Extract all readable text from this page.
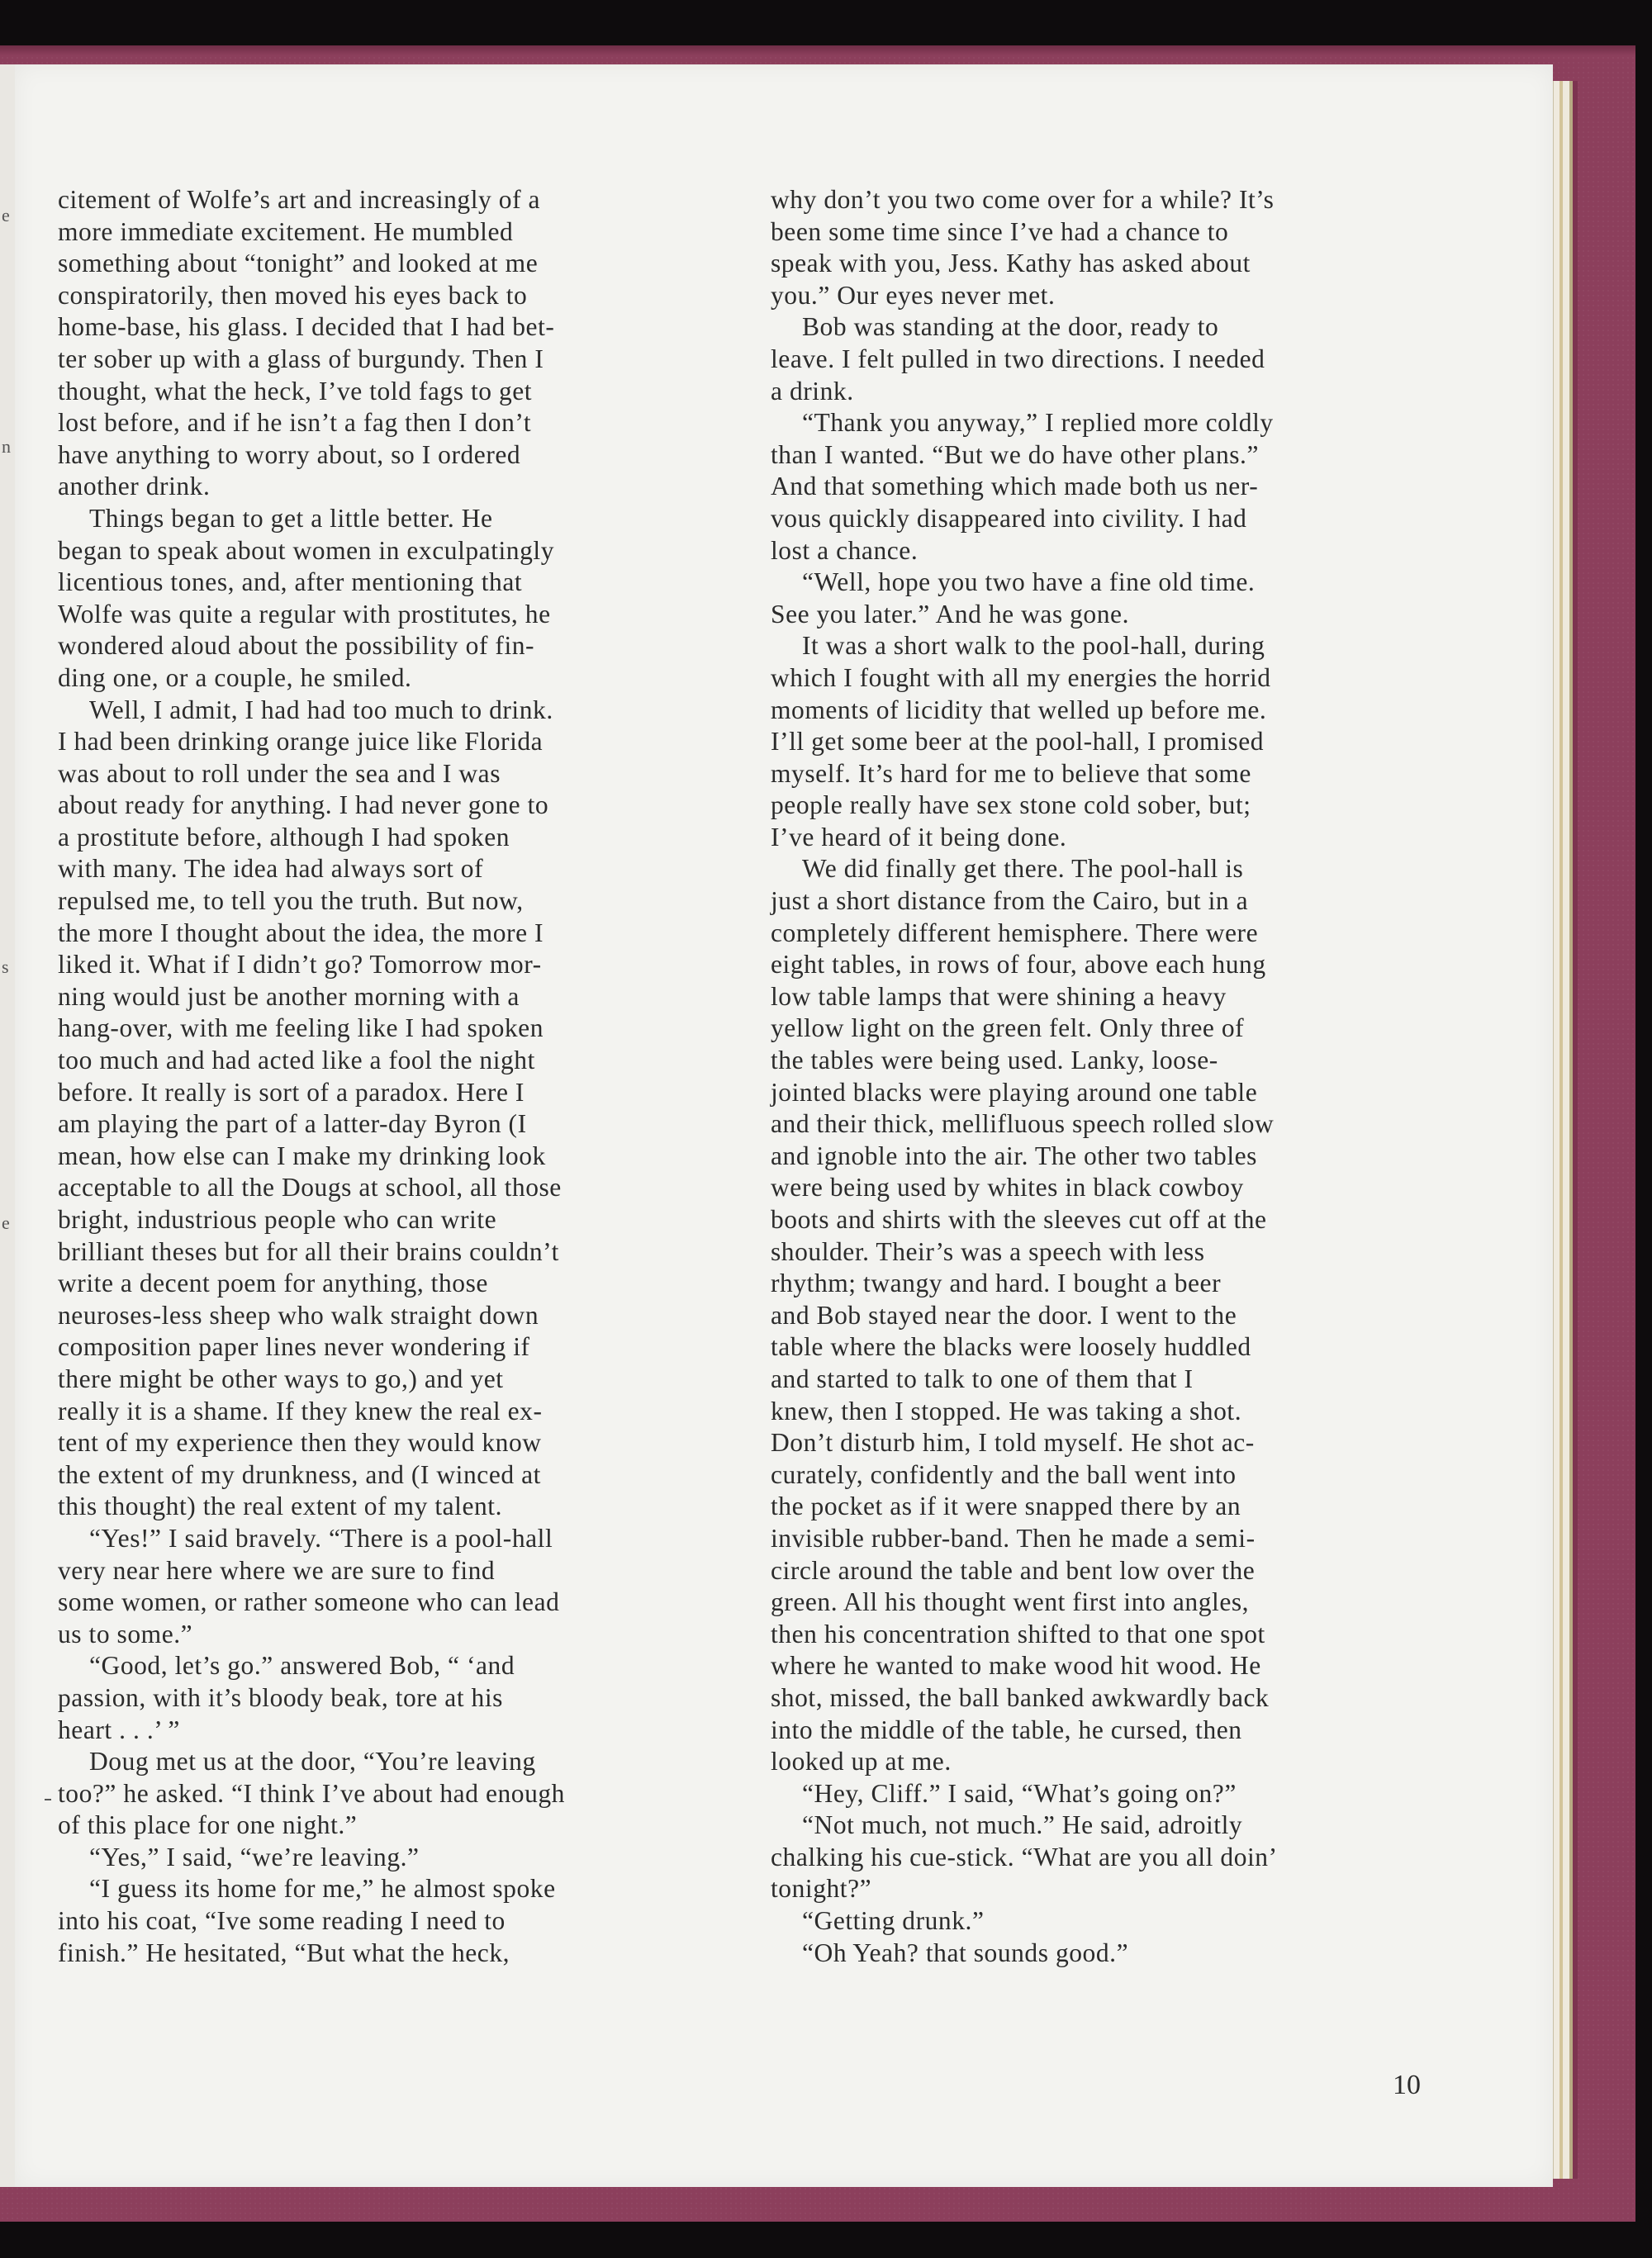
e
n
s
e
citement of Wolfe’s art and increasingly of a
more immediate excitement. He mumbled
something about “tonight” and looked at me
conspiratorily, then moved his eyes back to
home-base, his glass. I decided that I had bet-
ter sober up with a glass of burgundy. Then I
thought, what the heck, I’ve told fags to get
lost before, and if he isn’t a fag then I don’t
have anything to worry about, so I ordered
another drink.
Things began to get a little better. He
began to speak about women in exculpatingly
licentious tones, and, after mentioning that
Wolfe was quite a regular with prostitutes, he
wondered aloud about the possibility of fin-
ding one, or a couple, he smiled.
Well, I admit, I had had too much to drink.
I had been drinking orange juice like Florida
was about to roll under the sea and I was
about ready for anything. I had never gone to
a prostitute before, although I had spoken
with many. The idea had always sort of
repulsed me, to tell you the truth. But now,
the more I thought about the idea, the more I
liked it. What if I didn’t go? Tomorrow mor-
ning would just be another morning with a
hang-over, with me feeling like I had spoken
too much and had acted like a fool the night
before. It really is sort of a paradox. Here I
am playing the part of a latter-day Byron (I
mean, how else can I make my drinking look
acceptable to all the Dougs at school, all those
bright, industrious people who can write
brilliant theses but for all their brains couldn’t
write a decent poem for anything, those
neuroses-less sheep who walk straight down
composition paper lines never wondering if
there might be other ways to go,) and yet
really it is a shame. If they knew the real ex-
tent of my experience then they would know
the extent of my drunkness, and (I winced at
this thought) the real extent of my talent.
“Yes!” I said bravely. “There is a pool-hall
very near here where we are sure to find
some women, or rather someone who can lead
us to some.”
“Good, let’s go.” answered Bob, “ ‘and
passion, with it’s bloody beak, tore at his
heart . . .’ ”
Doug met us at the door, “You’re leaving
too?” he asked. “I think I’ve about had enough
of this place for one night.”
“Yes,” I said, “we’re leaving.”
“I guess its home for me,” he almost spoke
into his coat, “Ive some reading I need to
finish.” He hesitated, “But what the heck,
why don’t you two come over for a while? It’s
been some time since I’ve had a chance to
speak with you, Jess. Kathy has asked about
you.” Our eyes never met.
Bob was standing at the door, ready to
leave. I felt pulled in two directions. I needed
a drink.
“Thank you anyway,” I replied more coldly
than I wanted. “But we do have other plans.”
And that something which made both us ner-
vous quickly disappeared into civility. I had
lost a chance.
“Well, hope you two have a fine old time.
See you later.” And he was gone.
It was a short walk to the pool-hall, during
which I fought with all my energies the horrid
moments of licidity that welled up before me.
I’ll get some beer at the pool-hall, I promised
myself. It’s hard for me to believe that some
people really have sex stone cold sober, but;
I’ve heard of it being done.
We did finally get there. The pool-hall is
just a short distance from the Cairo, but in a
completely different hemisphere. There were
eight tables, in rows of four, above each hung
low table lamps that were shining a heavy
yellow light on the green felt. Only three of
the tables were being used. Lanky, loose-
jointed blacks were playing around one table
and their thick, mellifluous speech rolled slow
and ignoble into the air. The other two tables
were being used by whites in black cowboy
boots and shirts with the sleeves cut off at the
shoulder. Their’s was a speech with less
rhythm; twangy and hard. I bought a beer
and Bob stayed near the door. I went to the
table where the blacks were loosely huddled
and started to talk to one of them that I
knew, then I stopped. He was taking a shot.
Don’t disturb him, I told myself. He shot ac-
curately, confidently and the ball went into
the pocket as if it were snapped there by an
invisible rubber-band. Then he made a semi-
circle around the table and bent low over the
green. All his thought went first into angles,
then his concentration shifted to that one spot
where he wanted to make wood hit wood. He
shot, missed, the ball banked awkwardly back
into the middle of the table, he cursed, then
looked up at me.
“Hey, Cliff.” I said, “What’s going on?”
“Not much, not much.” He said, adroitly
chalking his cue-stick. “What are you all doin’
tonight?”
“Getting drunk.”
“Oh Yeah? that sounds good.”
10
